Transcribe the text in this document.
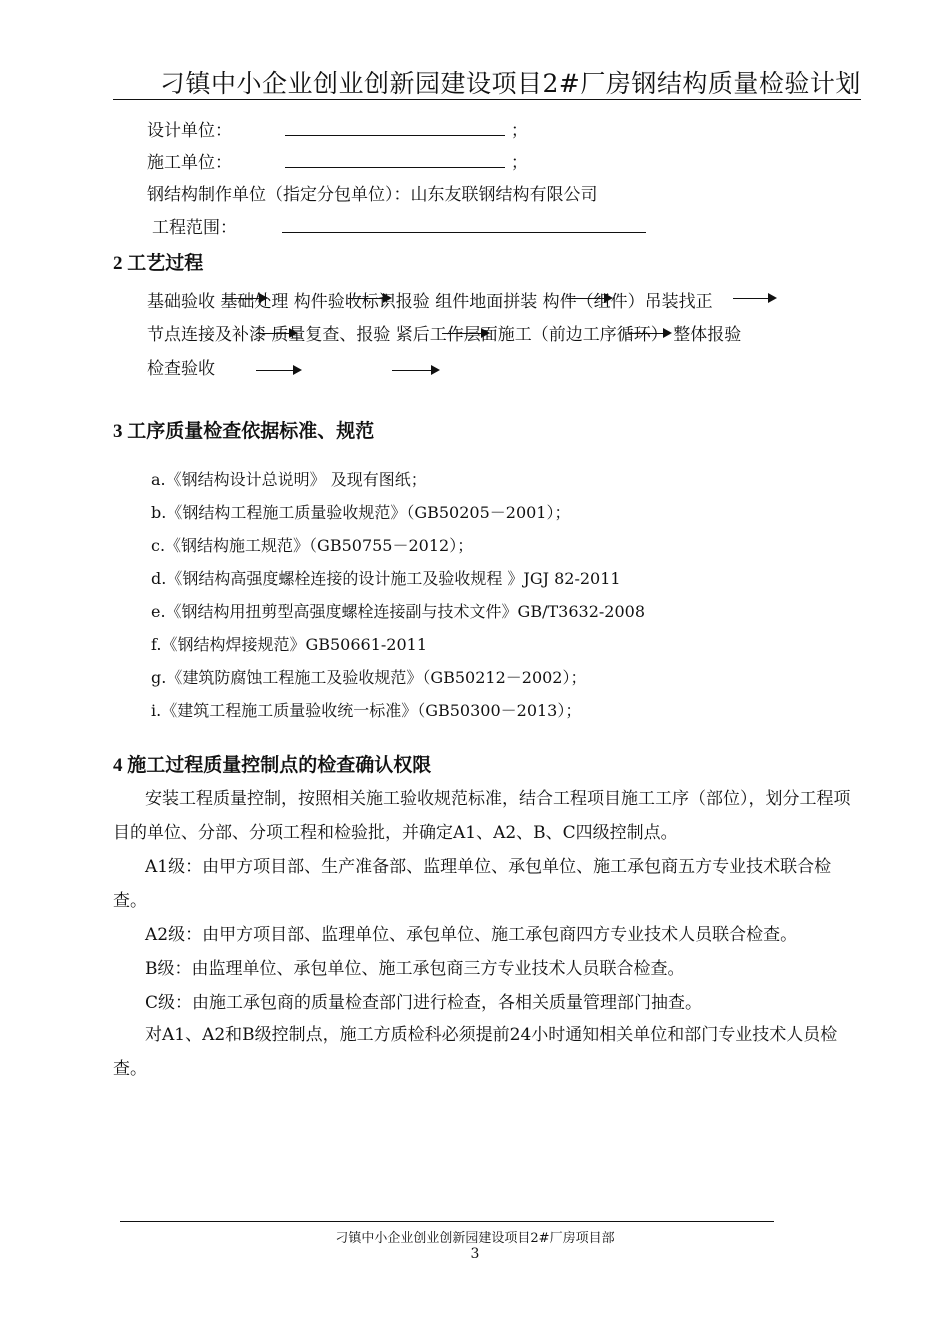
刁镇中小企业创业创新园建设项目2#厂房钢结构质量检验计划
设计单位：	；
施工单位：	；
钢结构制作单位（指定分包单位）：山东友联钢结构有限公司
工程范围：
2 工艺过程
基础验收 基础处理 构件验收标识报验 组件地面拼装 构件（组件）吊装找正
节点连接及补漆 质量复查、报验 紧后工作层面施工（前边工序循环） 整体报验
检查验收
3 工序质量检查依据标准、规范
a.《钢结构设计总说明》 及现有图纸；
b.《钢结构工程施工质量验收规范》（GB50205－2001）；
c.《钢结构施工规范》（GB50755－2012）；
d.《钢结构高强度螺栓连接的设计施工及验收规程 》JGJ 82-2011
e.《钢结构用扭剪型高强度螺栓连接副与技术文件》GB/T3632-2008
f.《钢结构焊接规范》GB50661-2011
g.《建筑防腐蚀工程施工及验收规范》（GB50212－2002）；
i.《建筑工程施工质量验收统一标准》（GB50300－2013）；
4 施工过程质量控制点的检查确认权限
安装工程质量控制，按照相关施工验收规范标准，结合工程项目施工工序（部位），划分工程项目的单位、分部、分项工程和检验批，并确定A1、A2、B、C四级控制点。
A1级：由甲方项目部、生产准备部、监理单位、承包单位、施工承包商五方专业技术联合检查。
A2级：由甲方项目部、监理单位、承包单位、施工承包商四方专业技术人员联合检查。
B级：由监理单位、承包单位、施工承包商三方专业技术人员联合检查。
C级：由施工承包商的质量检查部门进行检查，各相关质量管理部门抽查。
对A1、A2和B级控制点，施工方质检科必须提前24小时通知相关单位和部门专业技术人员检查。
刁镇中小企业创业创新园建设项目2#厂房项目部
3
